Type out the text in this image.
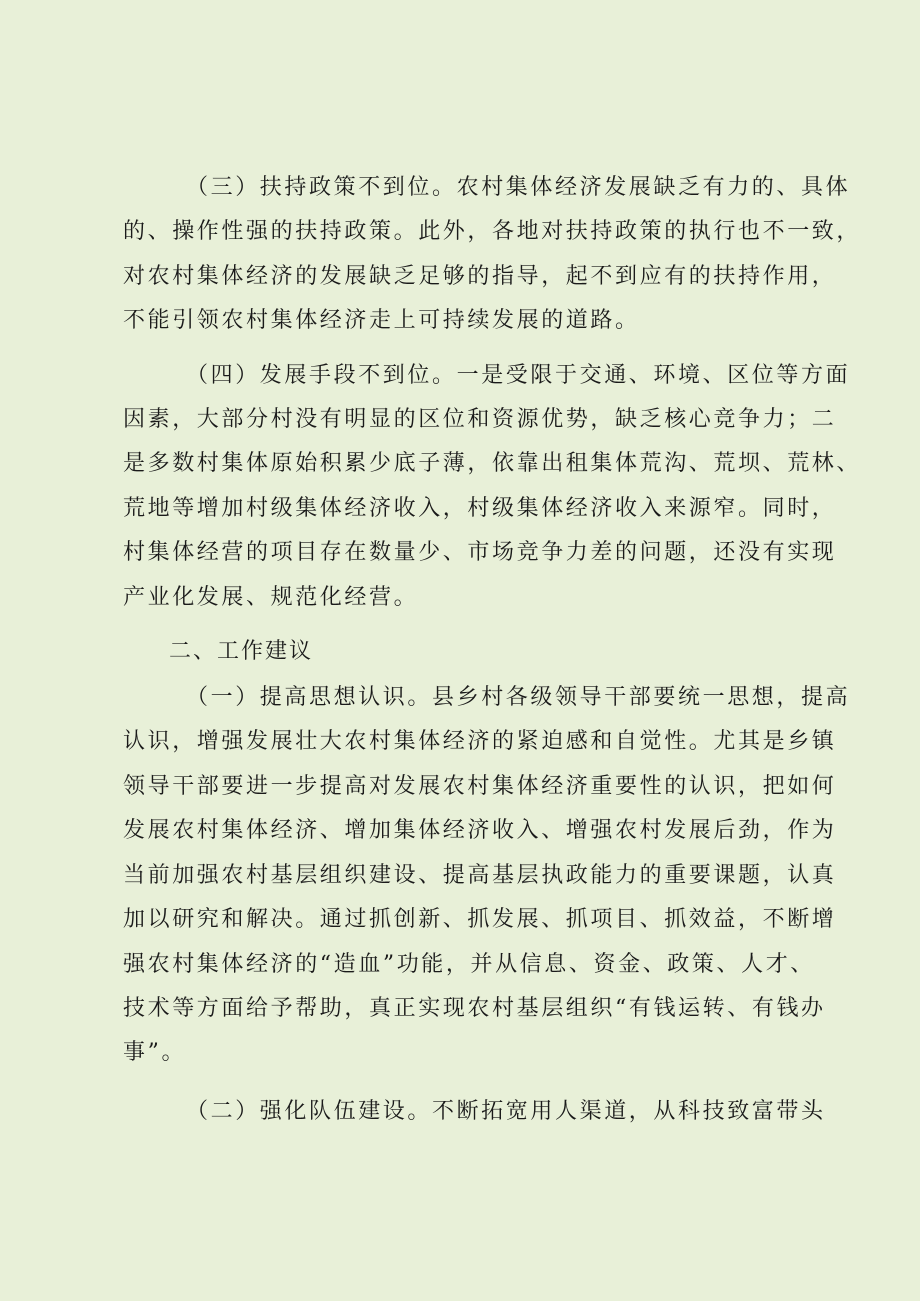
（三）扶持政策不到位。农村集体经济发展缺乏有力的、具体
的、操作性强的扶持政策。此外，各地对扶持政策的执行也不一致，
对农村集体经济的发展缺乏足够的指导，起不到应有的扶持作用，
不能引领农村集体经济走上可持续发展的道路。

（四）发展手段不到位。一是受限于交通、环境、区位等方面
因素，大部分村没有明显的区位和资源优势，缺乏核心竞争力；二
是多数村集体原始积累少底子薄，依靠出租集体荒沟、荒坝、荒林、
荒地等增加村级集体经济收入，村级集体经济收入来源窄。同时，
村集体经营的项目存在数量少、市场竞争力差的问题，还没有实现
产业化发展、规范化经营。

二、工作建议

（一）提高思想认识。县乡村各级领导干部要统一思想，提高
认识，增强发展壮大农村集体经济的紧迫感和自觉性。尤其是乡镇
领导干部要进一步提高对发展农村集体经济重要性的认识，把如何
发展农村集体经济、增加集体经济收入、增强农村发展后劲，作为
当前加强农村基层组织建设、提高基层执政能力的重要课题，认真
加以研究和解决。通过抓创新、抓发展、抓项目、抓效益，不断增
强农村集体经济的“造血”功能，并从信息、资金、政策、人才、
技术等方面给予帮助，真正实现农村基层组织“有钱运转、有钱办
事”。

（二）强化队伍建设。不断拓宽用人渠道，从科技致富带头
